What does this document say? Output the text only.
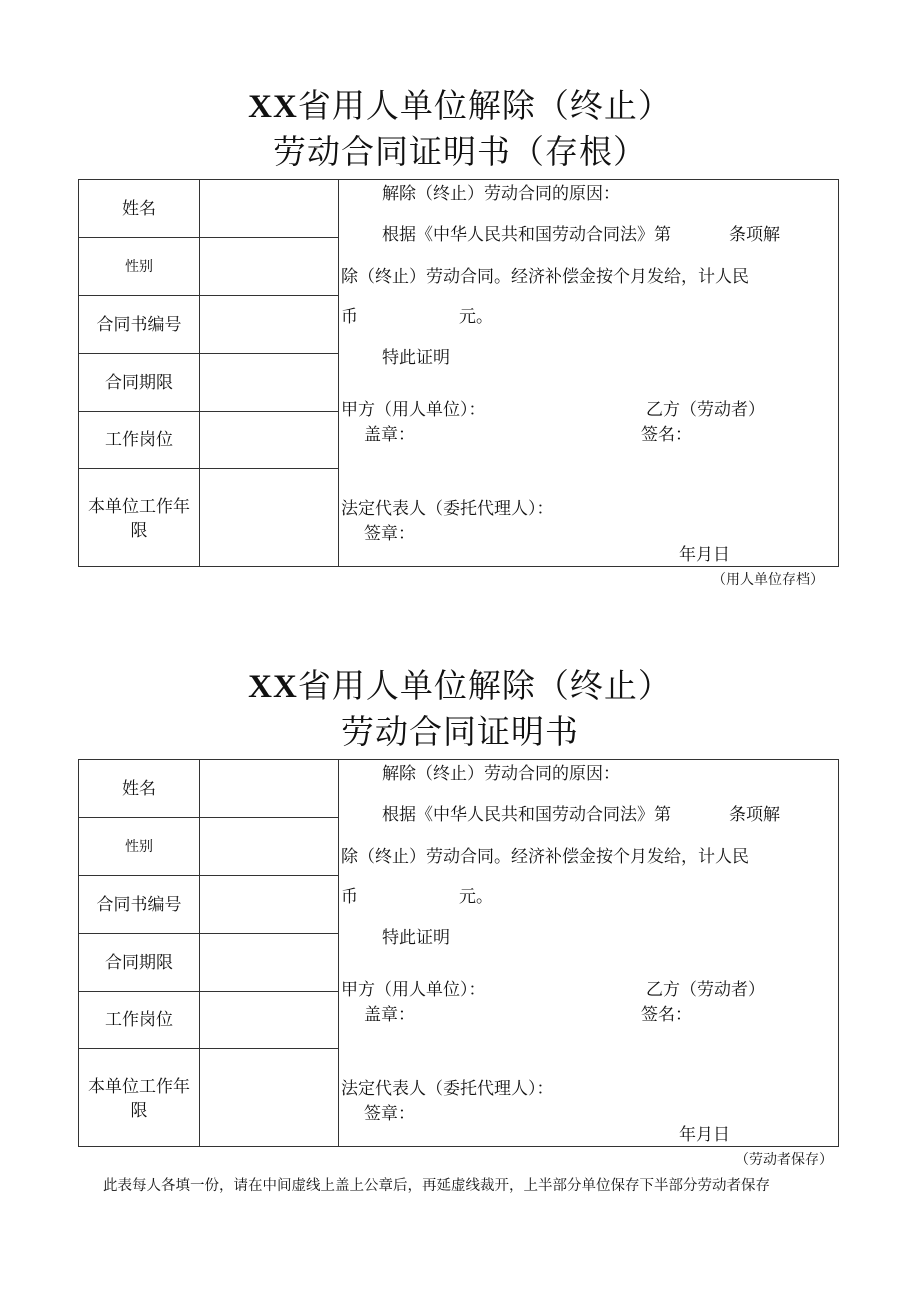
XX省用人单位解除（终止）
劳动合同证明书（存根）
姓名
性别
合同书编号
合同期限
工作岗位
本单位工作年限
解除（终止）劳动合同的原因：
根据《中华人民共和国劳动合同法》第	条项解
除（终止）劳动合同。经济补偿金按个月发给，计人民
币	元。
特此证明
甲方（用人单位）：	乙方（劳动者）
盖章：	签名：
法定代表人（委托代理人）：
签章：
年月日
（用人单位存档）
XX省用人单位解除（终止）
劳动合同证明书
姓名
性别
合同书编号
合同期限
工作岗位
本单位工作年限
解除（终止）劳动合同的原因：
根据《中华人民共和国劳动合同法》第	条项解
除（终止）劳动合同。经济补偿金按个月发给，计人民
币	元。
特此证明
甲方（用人单位）：	乙方（劳动者）
盖章：	签名：
法定代表人（委托代理人）：
签章：
年月日
（劳动者保存）
此表每人各填一份，请在中间虚线上盖上公章后，再延虚线裁开，上半部分单位保存下半部分劳动者保存
